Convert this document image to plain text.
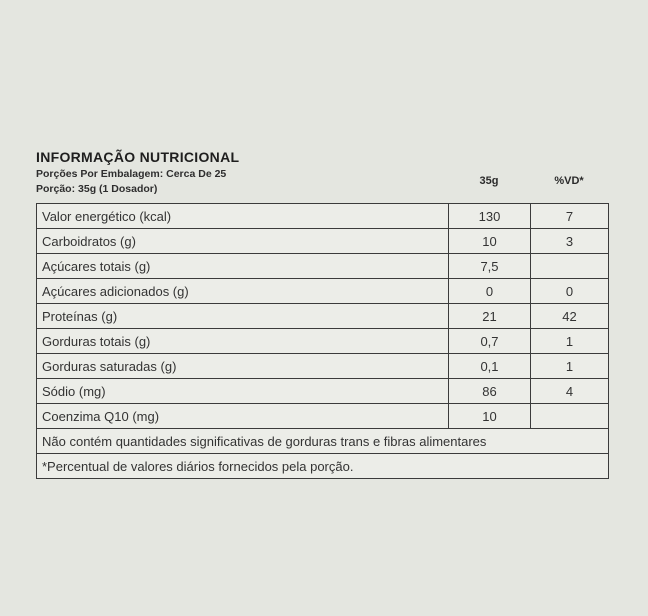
INFORMAÇÃO NUTRICIONAL
Porções Por Embalagem: Cerca De 25
Porção: 35g (1 Dosador)
35g	%VD*
Valor energético (kcal)	130	7
Carboidratos (g)	10	3
Açúcares totais (g)	7,5	
Açúcares adicionados (g)	0	0
Proteínas (g)	21	42
Gorduras totais (g)	0,7	1
Gorduras saturadas (g)	0,1	1
Sódio (mg)	86	4
Coenzima Q10 (mg)	10	
Não contém quantidades significativas de gorduras trans e fibras alimentares		
*Percentual de valores diários fornecidos pela porção.		
